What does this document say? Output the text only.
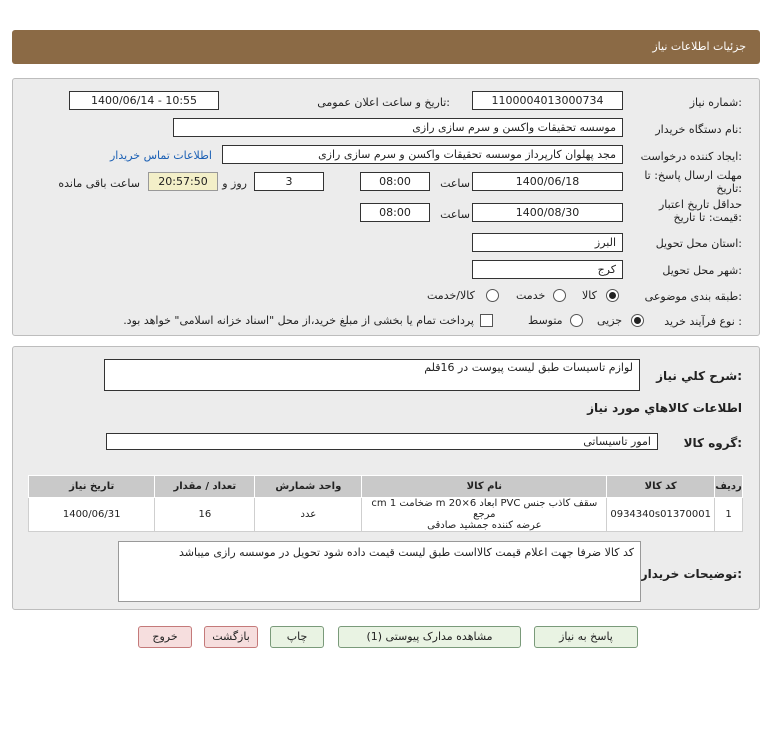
جزئیات اطلاعات نیاز
شماره نیاز:
1100004013000734
تاریخ و ساعت اعلان عمومی:
1400/06/14 - 10:55
نام دستگاه خریدار:
موسسه تحقیقات واکسن و سرم سازی رازی
ایجاد کننده درخواست:
مجد پهلوان کارپرداز موسسه تحقیقات واکسن و سرم سازی رازی
اطلاعات تماس خریدار
مهلت ارسال پاسخ: تا تاریخ:
1400/06/18
ساعت
08:00
3
روز و
20:57:50
ساعت باقی مانده
حداقل تاریخ اعتبار قیمت: تا تاریخ:
1400/08/30
ساعت
08:00
استان محل تحویل:
البرز
شهر محل تحویل:
کرج
طبقه بندی موضوعی:
کالا
خدمت
کالا/خدمت
نوع فرآیند خرید :
جزیی
متوسط
پرداخت تمام یا بخشی از مبلغ خرید،از محل "اسناد خزانه اسلامی" خواهد بود.
شرح کلي نياز:
لوازم تاسیسات طبق لیست پیوست در 16قلم
اطلاعات کالاهاي مورد نياز
گروه کالا:
امور تاسیساتی
ردیف	کد کالا	نام کالا	واحد شمارش	تعداد / مقدار	تاریخ نیاز
1	0934340s01370001	سقف کاذب جنس PVC ابعاد 6×20 m ضخامت 1 cm مرجع
عرضه کننده جمشید صادقی	عدد	16	1400/06/31
توضیحات خریدار:
کد کالا ضرفا جهت اعلام قیمت کالااست طبق لیست قیمت داده شود تحویل در موسسه رازی میباشد
پاسخ به نیاز
مشاهده مدارک پیوستی (1)
چاپ
بازگشت
خروج
